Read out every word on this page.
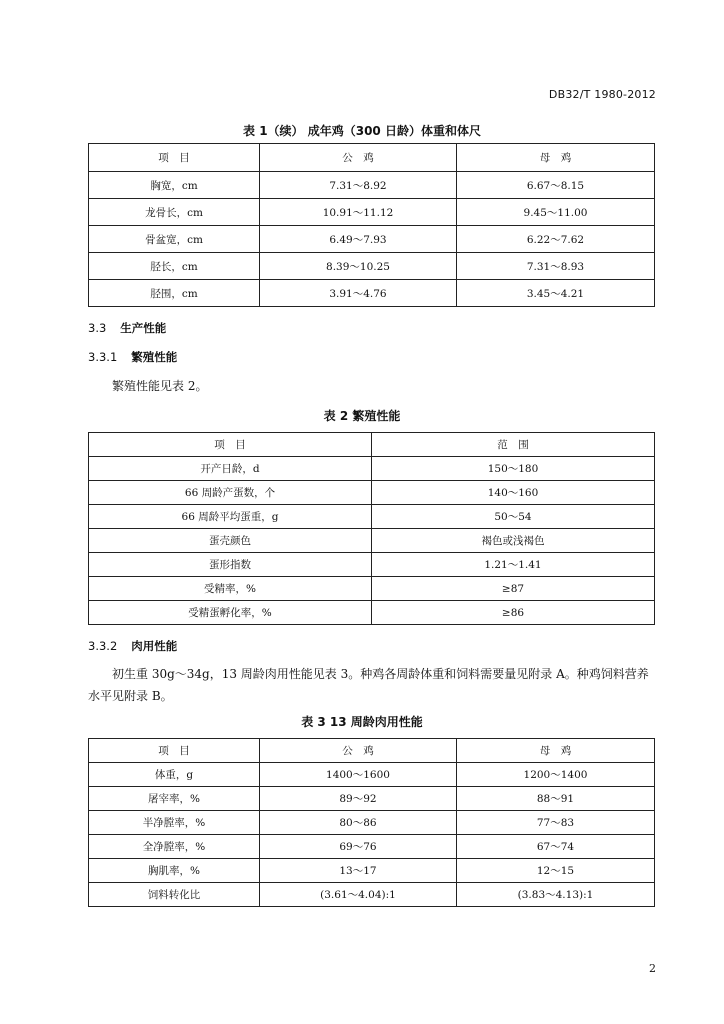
DB32/T 1980-2012
表 1（续） 成年鸡（300 日龄）体重和体尺
项　目	公　鸡	母　鸡
胸宽，cm	7.31～8.92	6.67～8.15
龙骨长，cm	10.91～11.12	9.45～11.00
骨盆宽，cm	6.49～7.93	6.22～7.62
胫长，cm	8.39～10.25	7.31～8.93
胫围，cm	3.91～4.76	3.45～4.21
3.3 生产性能
3.3.1 繁殖性能
繁殖性能见表 2。
表 2 繁殖性能
项　目	范　围
开产日龄，d	150～180
66 周龄产蛋数，个	140～160
66 周龄平均蛋重，g	50～54
蛋壳颜色	褐色或浅褐色
蛋形指数	1.21～1.41
受精率，%	≥87
受精蛋孵化率，%	≥86
3.3.2 肉用性能
初生重 30g～34g，13 周龄肉用性能见表 3。种鸡各周龄体重和饲料需要量见附录 A。种鸡饲料营养水平见附录 B。
表 3 13 周龄肉用性能
项　目	公　鸡	母　鸡
体重，g	1400～1600	1200～1400
屠宰率，%	89～92	88～91
半净膛率，%	80～86	77～83
全净膛率，%	69～76	67～74
胸肌率，%	13～17	12～15
饲料转化比	(3.61～4.04):1	(3.83～4.13):1
2
